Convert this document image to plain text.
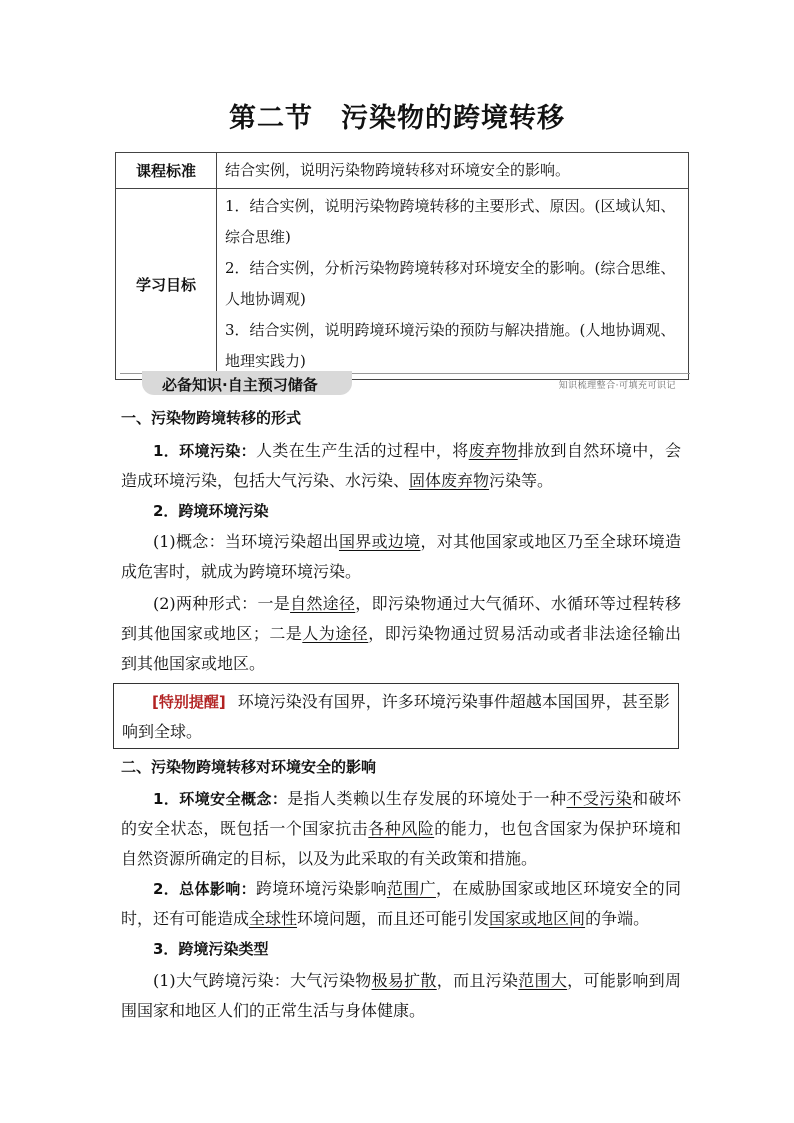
第二节　污染物的跨境转移
课程标准	结合实例，说明污染物跨境转移对环境安全的影响。
学习目标	1．结合实例，说明污染物跨境转移的主要形式、原因。(区域认知、综合思维)
2．结合实例，分析污染物跨境转移对环境安全的影响。(综合思维、人地协调观)
3．结合实例，说明跨境环境污染的预防与解决措施。(人地协调观、地理实践力)
必备知识·自主预习储备	知识梳理整合·可填充可识记
一、污染物跨境转移的形式
1．环境污染：人类在生产生活的过程中，将废弃物排放到自然环境中，会造成环境污染，包括大气污染、水污染、固体废弃物污染等。
2．跨境环境污染
(1)概念：当环境污染超出国界或边境，对其他国家或地区乃至全球环境造成危害时，就成为跨境环境污染。
(2)两种形式：一是自然途径，即污染物通过大气循环、水循环等过程转移到其他国家或地区；二是人为途径，即污染物通过贸易活动或者非法途径输出到其他国家或地区。
[特别提醒] 环境污染没有国界，许多环境污染事件超越本国国界，甚至影响到全球。
二、污染物跨境转移对环境安全的影响
1．环境安全概念：是指人类赖以生存发展的环境处于一种不受污染和破坏的安全状态，既包括一个国家抗击各种风险的能力，也包含国家为保护环境和自然资源所确定的目标，以及为此采取的有关政策和措施。
2．总体影响：跨境环境污染影响范围广，在威胁国家或地区环境安全的同时，还有可能造成全球性环境问题，而且还可能引发国家或地区间的争端。
3．跨境污染类型
(1)大气跨境污染：大气污染物极易扩散，而且污染范围大，可能影响到周围国家和地区人们的正常生活与身体健康。
